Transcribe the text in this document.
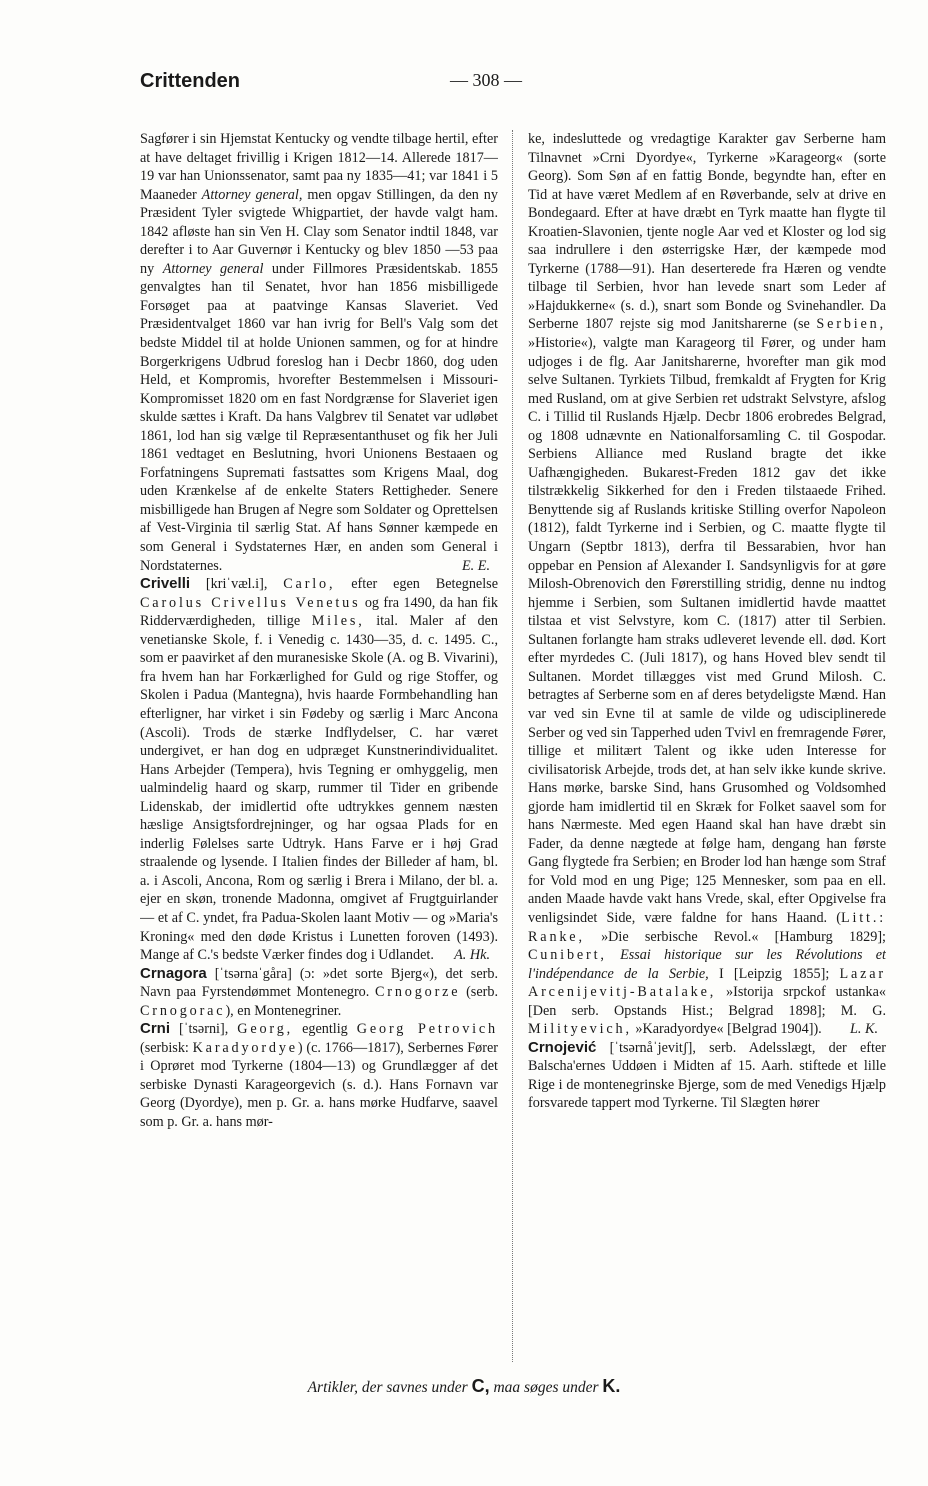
Crittenden	— 308 —

Sagfører i sin Hjemstat Kentucky og vendte tilbage hertil, efter at have deltaget frivillig i Krigen 1812—14. Allerede 1817—19 var han Unionssenator, samt paa ny 1835—41; var 1841 i 5 Maaneder Attorney general, men opgav Stillingen, da den ny Præsident Tyler svigtede Whigpartiet, der havde valgt ham. 1842 afløste han sin Ven H. Clay som Senator indtil 1848, var derefter i to Aar Guvernør i Kentucky og blev 1850 —53 paa ny Attorney general under Fillmores Præsidentskab. 1855 genvalgtes han til Senatet, hvor han 1856 misbilligede Forsøget paa at paatvinge Kansas Slaveriet. Ved Præsidentvalget 1860 var han ivrig for Bell's Valg som det bedste Middel til at holde Unionen sammen, og for at hindre Borgerkrigens Udbrud foreslog han i Decbr 1860, dog uden Held, et Kompromis, hvorefter Bestemmelsen i Missouri-Kompromisset 1820 om en fast Nordgrænse for Slaveriet igen skulde sættes i Kraft. Da hans Valgbrev til Senatet var udløbet 1861, lod han sig vælge til Repræsentanthuset og fik her Juli 1861 vedtaget en Beslutning, hvori Unionens Bestaaen og Forfatningens Supremati fastsattes som Krigens Maal, dog uden Krænkelse af de enkelte Staters Rettigheder. Senere misbilligede han Brugen af Negre som Soldater og Oprettelsen af Vest-Virginia til særlig Stat. Af hans Sønner kæmpede en som General i Sydstaternes Hær, en anden som General i Nordstaternes.	E. E.

Crivelli [kriˈvæl.i], Carlo, efter egen Betegnelse Carolus Crivellus Venetus og fra 1490, da han fik Ridderværdigheden, tillige Miles, ital. Maler af den venetianske Skole, f. i Venedig c. 1430—35, d. c. 1495. C., som er paavirket af den muranesiske Skole (A. og B. Vivarini), fra hvem han har Forkærlighed for Guld og rige Stoffer, og Skolen i Padua (Mantegna), hvis haarde Formbehandling han efterligner, har virket i sin Fødeby og særlig i Marc Ancona (Ascoli). Trods de stærke Indflydelser, C. har været undergivet, er han dog en udpræget Kunstnerindividualitet. Hans Arbejder (Tempera), hvis Tegning er omhyggelig, men ualmindelig haard og skarp, rummer til Tider en gribende Lidenskab, der imidlertid ofte udtrykkes gennem næsten hæslige Ansigtsfordrejninger, og har ogsaa Plads for en inderlig Følelses sarte Udtryk. Hans Farve er i høj Grad straalende og lysende. I Italien findes der Billeder af ham, bl. a. i Ascoli, Ancona, Rom og særlig i Brera i Milano, der bl. a. ejer en skøn, tronende Madonna, omgivet af Frugtguirlander — et af C. yndet, fra Padua-Skolen laant Motiv — og »Maria's Kroning« med den døde Kristus i Lunetten foroven (1493). Mange af C.'s bedste Værker findes dog i Udlandet. A. Hk.

Crnagora [ˈtsərnaˈgåra] (ɔ: »det sorte Bjerg«), det serb. Navn paa Fyrstendømmet Montenegro. Crnogorze (serb. Crnogorac), en Montenegriner.

Crni [ˈtsərni], Georg, egentlig Georg Petrovich (serbisk: Karadyordye) (c. 1766—1817), Serbernes Fører i Oprøret mod Tyrkerne (1804—13) og Grundlægger af det serbiske Dynasti Karageorgevich (s. d.). Hans Fornavn var Georg (Dyordye), men p. Gr. a. hans mørke Hudfarve, saavel som p. Gr. a. hans mør-

ke, indesluttede og vredagtige Karakter gav Serberne ham Tilnavnet »Crni Dyordye«, Tyrkerne »Karageorg« (sorte Georg). Som Søn af en fattig Bonde, begyndte han, efter en Tid at have været Medlem af en Røverbande, selv at drive en Bondegaard. Efter at have dræbt en Tyrk maatte han flygte til Kroatien-Slavonien, tjente nogle Aar ved et Kloster og lod sig saa indrullere i den østerrigske Hær, der kæmpede mod Tyrkerne (1788—91). Han deserterede fra Hæren og vendte tilbage til Serbien, hvor han levede snart som Leder af »Hajdukkerne« (s. d.), snart som Bonde og Svinehandler. Da Serberne 1807 rejste sig mod Janitsharerne (se Serbien, »Historie«), valgte man Karageorg til Fører, og under ham udjoges i de flg. Aar Janitsharerne, hvorefter man gik mod selve Sultanen. Tyrkiets Tilbud, fremkaldt af Frygten for Krig med Rusland, om at give Serbien ret udstrakt Selvstyre, afslog C. i Tillid til Ruslands Hjælp. Decbr 1806 erobredes Belgrad, og 1808 udnævnte en Nationalforsamling C. til Gospodar. Serbiens Alliance med Rusland bragte det ikke Uafhængigheden. Bukarest-Freden 1812 gav det ikke tilstrækkelig Sikkerhed for den i Freden tilstaaede Frihed. Benyttende sig af Ruslands kritiske Stilling overfor Napoleon (1812), faldt Tyrkerne ind i Serbien, og C. maatte flygte til Ungarn (Septbr 1813), derfra til Bessarabien, hvor han oppebar en Pension af Alexander I. Sandsynligvis for at gøre Milosh-Obrenovich den Førerstilling stridig, denne nu indtog hjemme i Serbien, som Sultanen imidlertid havde maattet tilstaa et vist Selvstyre, kom C. (1817) atter til Serbien. Sultanen forlangte ham straks udleveret levende ell. død. Kort efter myrdedes C. (Juli 1817), og hans Hoved blev sendt til Sultanen. Mordet tillægges vist med Grund Milosh. C. betragtes af Serberne som en af deres betydeligste Mænd. Han var ved sin Evne til at samle de vilde og udisciplinerede Serber og ved sin Tapperhed uden Tvivl en fremragende Fører, tillige et militært Talent og ikke uden Interesse for civilisatorisk Arbejde, trods det, at han selv ikke kunde skrive. Hans mørke, barske Sind, hans Grusomhed og Voldsomhed gjorde ham imidlertid til en Skræk for Folket saavel som for hans Nærmeste. Med egen Haand skal han have dræbt sin Fader, da denne nægtede at følge ham, dengang han første Gang flygtede fra Serbien; en Broder lod han hænge som Straf for Vold mod en ung Pige; 125 Mennesker, som paa en ell. anden Maade havde vakt hans Vrede, skal, efter Opgivelse fra venligsindet Side, være faldne for hans Haand. (Litt.: Ranke, »Die serbische Revol.« [Hamburg 1829]; Cunibert, Essai historique sur les Révolutions et l'indépendance de la Serbie, I [Leipzig 1855]; Lazar Arcenijevitj-Batalake, »Istorija srpckof ustanka« [Den serb. Opstands Hist.; Belgrad 1898]; M. G. Milityevich, »Karadyordye« [Belgrad 1904]). L. K.

Crnojević [ˈtsərnåˈjevitʃ], serb. Adelsslægt, der efter Balscha'ernes Uddøen i Midten af 15. Aarh. stiftede et lille Rige i de montenegrinske Bjerge, som de med Venedigs Hjælp forsvarede tappert mod Tyrkerne. Til Slægten hører

Artikler, der savnes under C, maa søges under K.
